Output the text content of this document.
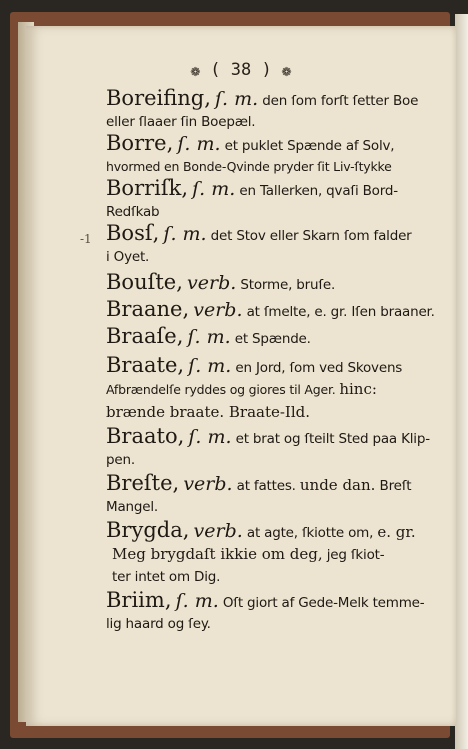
❁ ( 38 ) ❁
-1
Boreifing, ſ. m. den ſom forſt ſetter Boe
eller ſlaaer ſin Boepæl.
Borre, ſ. m. et puklet Spænde af Solv,
hvormed en Bonde-Qvinde pryder ſit Liv-ſtykke
Borriſk, ſ. m. en Tallerken, qvaſi Bord-
Redſkab
Bosſ, ſ. m. det Stov eller Skarn ſom falder
i Oyet.
Bouſte, verb. Storme, bruſe.
Braane, verb. at ſmelte, e. gr. Iſen braaner.
Braaſe, ſ. m. et Spænde.
Braate, ſ. m. en Jord, ſom ved Skovens
Afbrændelſe ryddes og giores til Ager. hinc:
brænde braate. Braate-Ild.
Braato, ſ. m. et brat og ſteilt Sted paa Klip-
pen.
Breſte, verb. at fattes. unde dan. Breſt
Mangel.
Brygda, verb. at agte, ſkiotte om, e. gr.
Meg brygdaſt ikkie om deg, jeg ſkiot-
ter intet om Dig.
Briim, ſ. m. Oſt giort af Gede-Melk temme-
lig haard og ſey.
